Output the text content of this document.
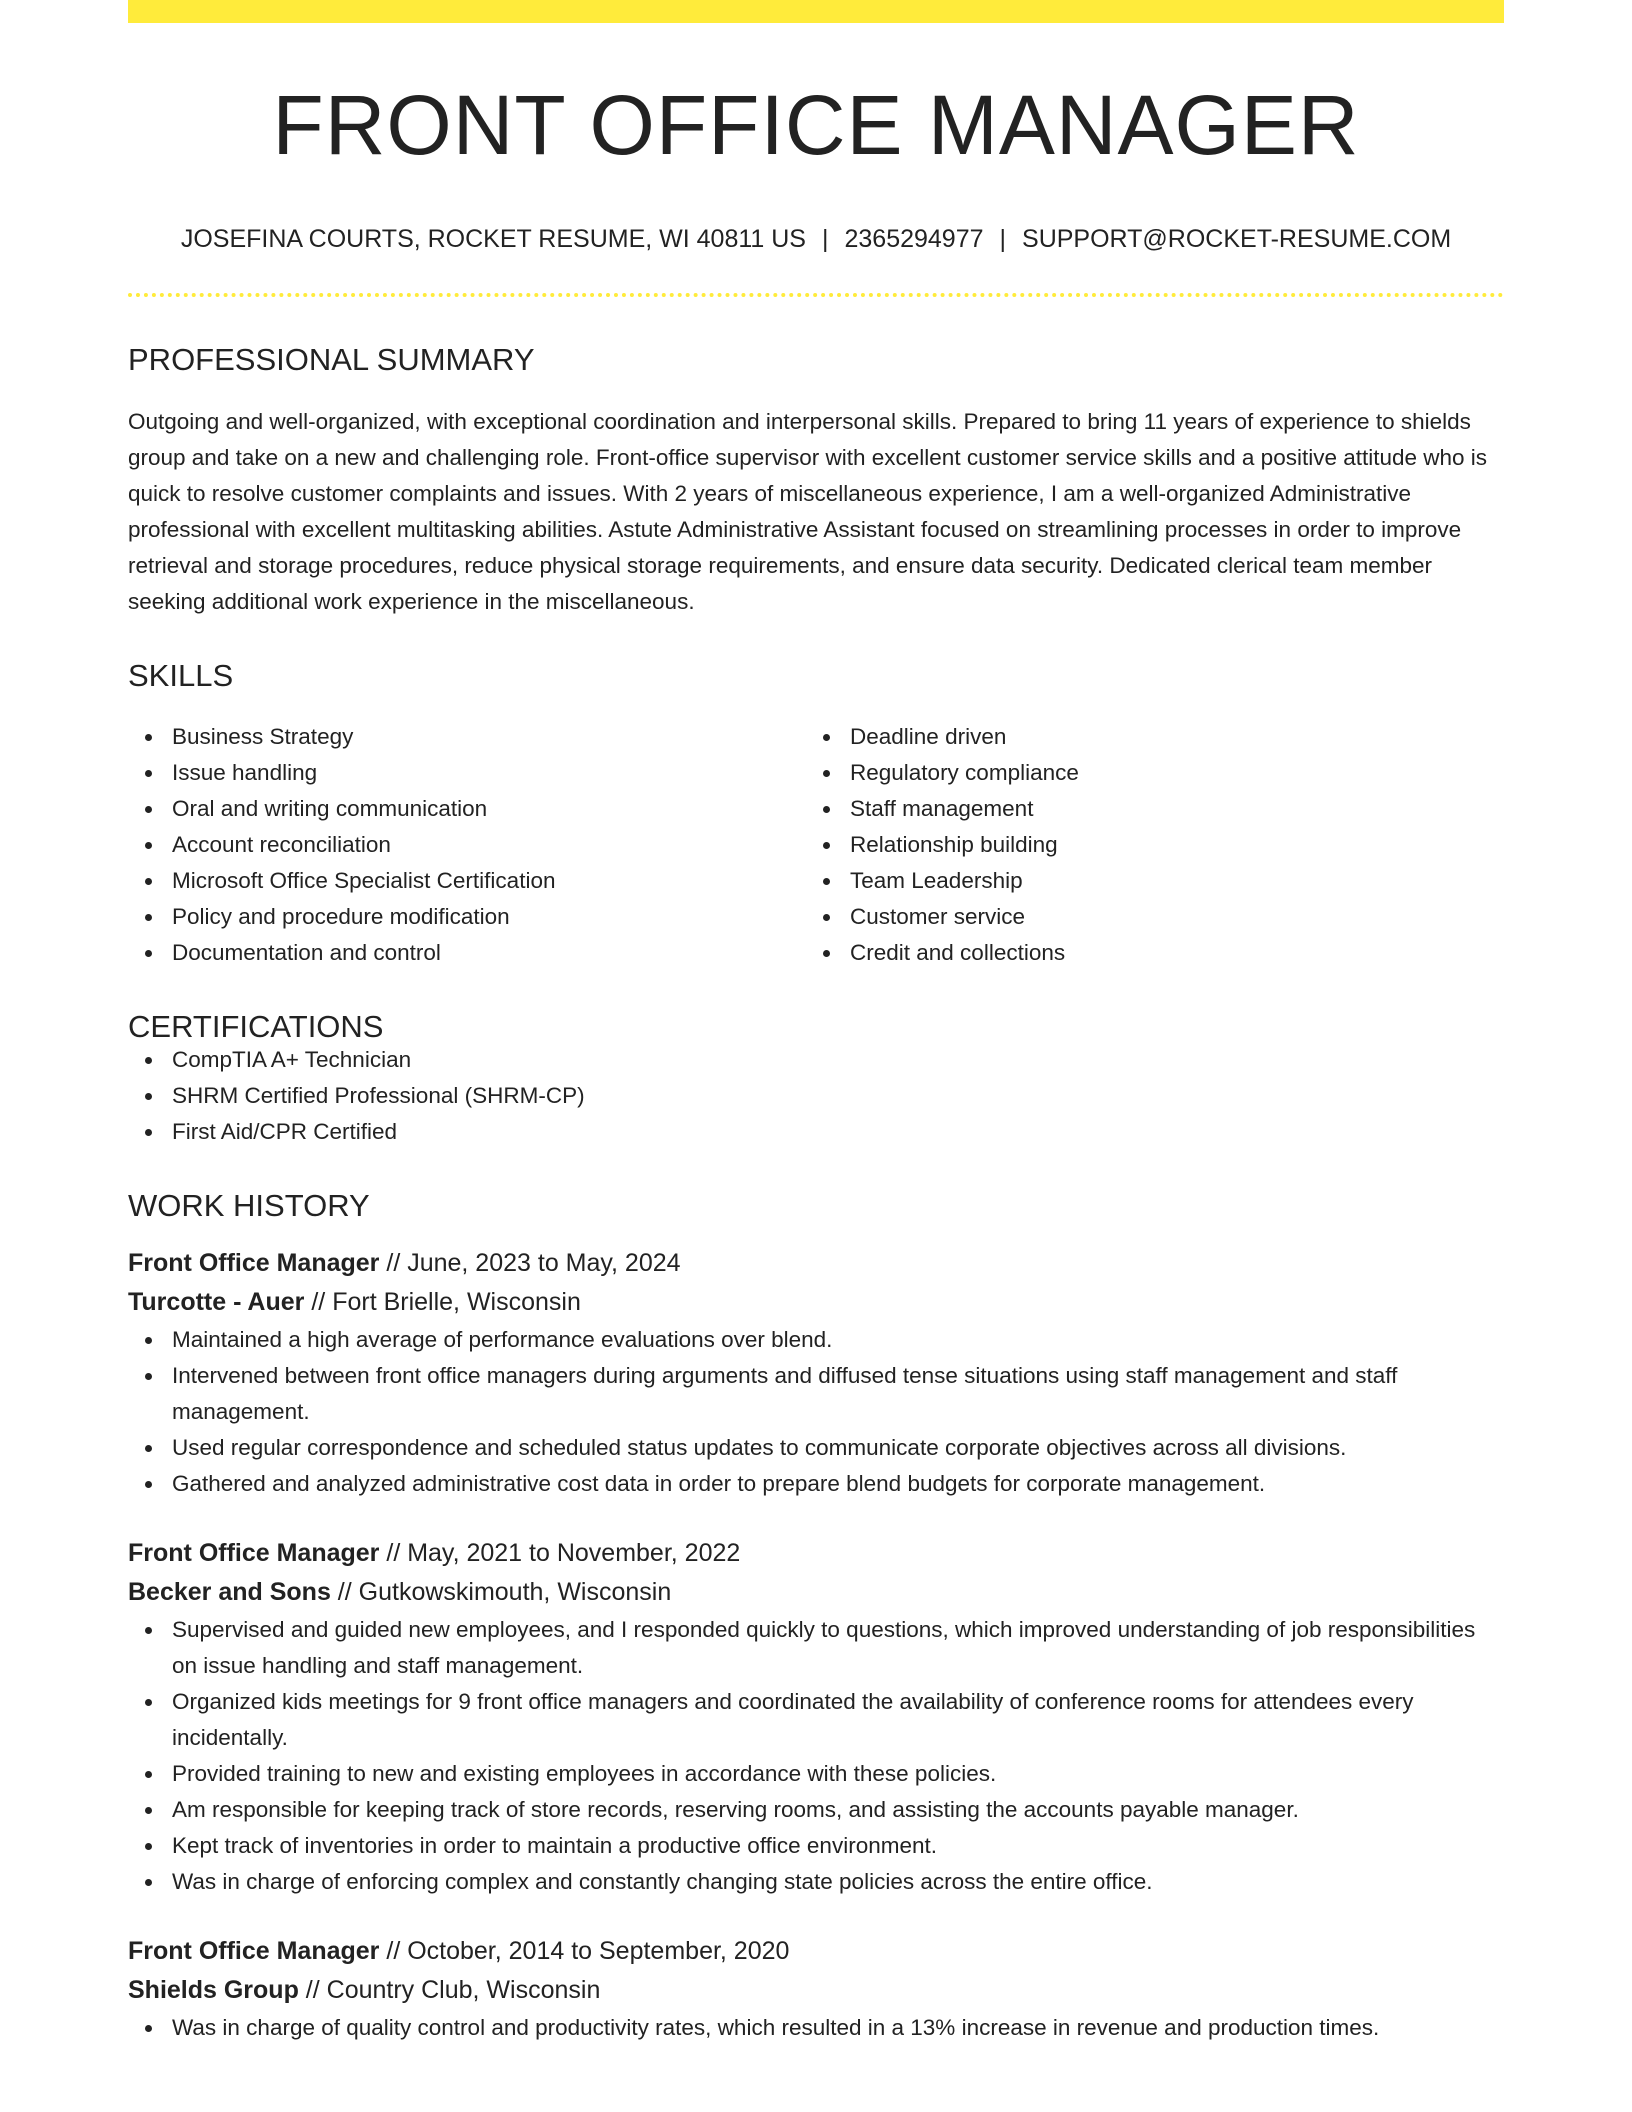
FRONT OFFICE MANAGER
JOSEFINA COURTS, ROCKET RESUME, WI 40811 US | 2365294977 | SUPPORT@ROCKET-RESUME.COM
PROFESSIONAL SUMMARY

Outgoing and well-organized, with exceptional coordination and interpersonal skills. Prepared to bring 11 years of experience to shields group and take on a new and challenging role. Front-office supervisor with excellent customer service skills and a positive attitude who is quick to resolve customer complaints and issues. With 2 years of miscellaneous experience, I am a well-organized Administrative professional with excellent multitasking abilities. Astute Administrative Assistant focused on streamlining processes in order to improve retrieval and storage procedures, reduce physical storage requirements, and ensure data security. Dedicated clerical team member seeking additional work experience in the miscellaneous.

SKILLS
Business Strategy
Issue handling
Oral and writing communication
Account reconciliation
Microsoft Office Specialist Certification
Policy and procedure modification
Documentation and control
Deadline driven
Regulatory compliance
Staff management
Relationship building
Team Leadership
Customer service
Credit and collections
CERTIFICATIONS
CompTIA A+ Technician
SHRM Certified Professional (SHRM-CP)
First Aid/CPR Certified
WORK HISTORY
Front Office Manager // June, 2023 to May, 2024
Turcotte - Auer // Fort Brielle, Wisconsin
Maintained a high average of performance evaluations over blend.
Intervened between front office managers during arguments and diffused tense situations using staff management and staff management.
Used regular correspondence and scheduled status updates to communicate corporate objectives across all divisions.
Gathered and analyzed administrative cost data in order to prepare blend budgets for corporate management.
Front Office Manager // May, 2021 to November, 2022
Becker and Sons // Gutkowskimouth, Wisconsin
Supervised and guided new employees, and I responded quickly to questions, which improved understanding of job responsibilities on issue handling and staff management.
Organized kids meetings for 9 front office managers and coordinated the availability of conference rooms for attendees every incidentally.
Provided training to new and existing employees in accordance with these policies.
Am responsible for keeping track of store records, reserving rooms, and assisting the accounts payable manager.
Kept track of inventories in order to maintain a productive office environment.
Was in charge of enforcing complex and constantly changing state policies across the entire office.
Front Office Manager // October, 2014 to September, 2020
Shields Group // Country Club, Wisconsin
Was in charge of quality control and productivity rates, which resulted in a 13% increase in revenue and production times.
